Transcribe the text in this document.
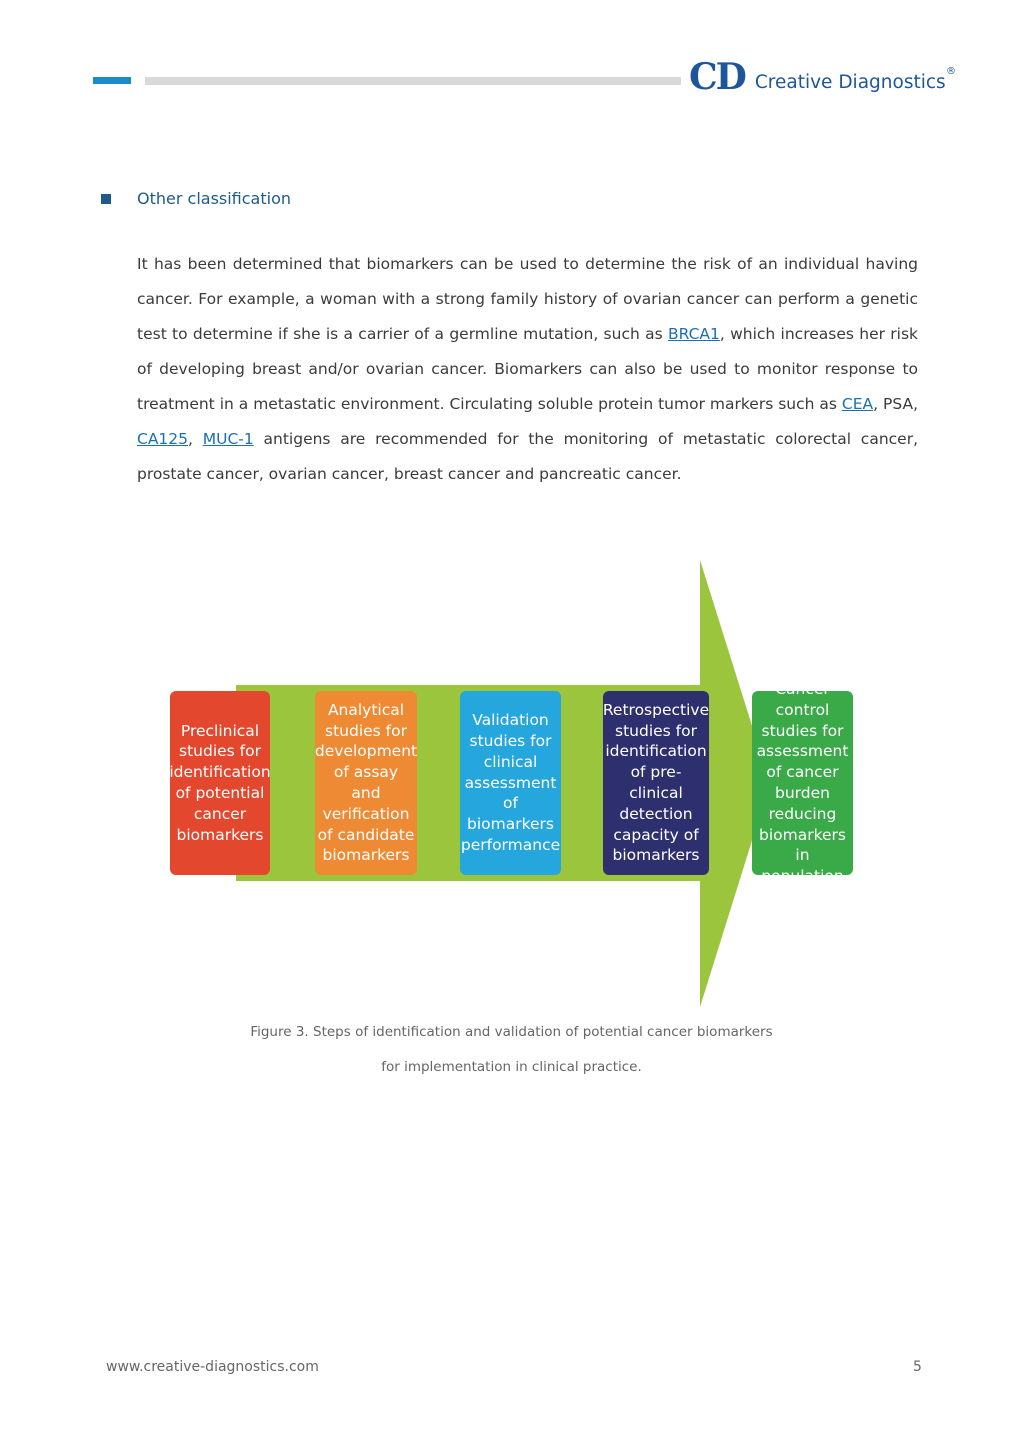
CD Creative Diagnostics
®
Other classification

It has been determined that biomarkers can be used to determine the risk of an individual having cancer. For example, a woman with a strong family history of ovarian cancer can perform a genetic test to determine if she is a carrier of a germline mutation, such as BRCA1, which increases her risk of developing breast and/or ovarian cancer. Biomarkers can also be used to monitor response to treatment in a metastatic environment. Circulating soluble protein tumor markers such as CEA, PSA, CA125, MUC-1 antigens are recommended for the monitoring of metastatic colorectal cancer, prostate cancer, ovarian cancer, breast cancer and pancreatic cancer.

Preclinical
studies for
identification
of potential
cancer
biomarkers
Analytical
studies for
development
of assay
and
verification
of candidate
biomarkers
Validation
studies for
clinical
assessment
of
biomarkers
performance
Retrospective
studies for
identification
of pre-
clinical
detection
capacity of
biomarkers
Cancer
control
studies for
assessment
of cancer
burden
reducing
biomarkers
in population
Figure 3. Steps of identification and validation of potential cancer biomarkers
for implementation in clinical practice.
www.creative-diagnostics.com	5
